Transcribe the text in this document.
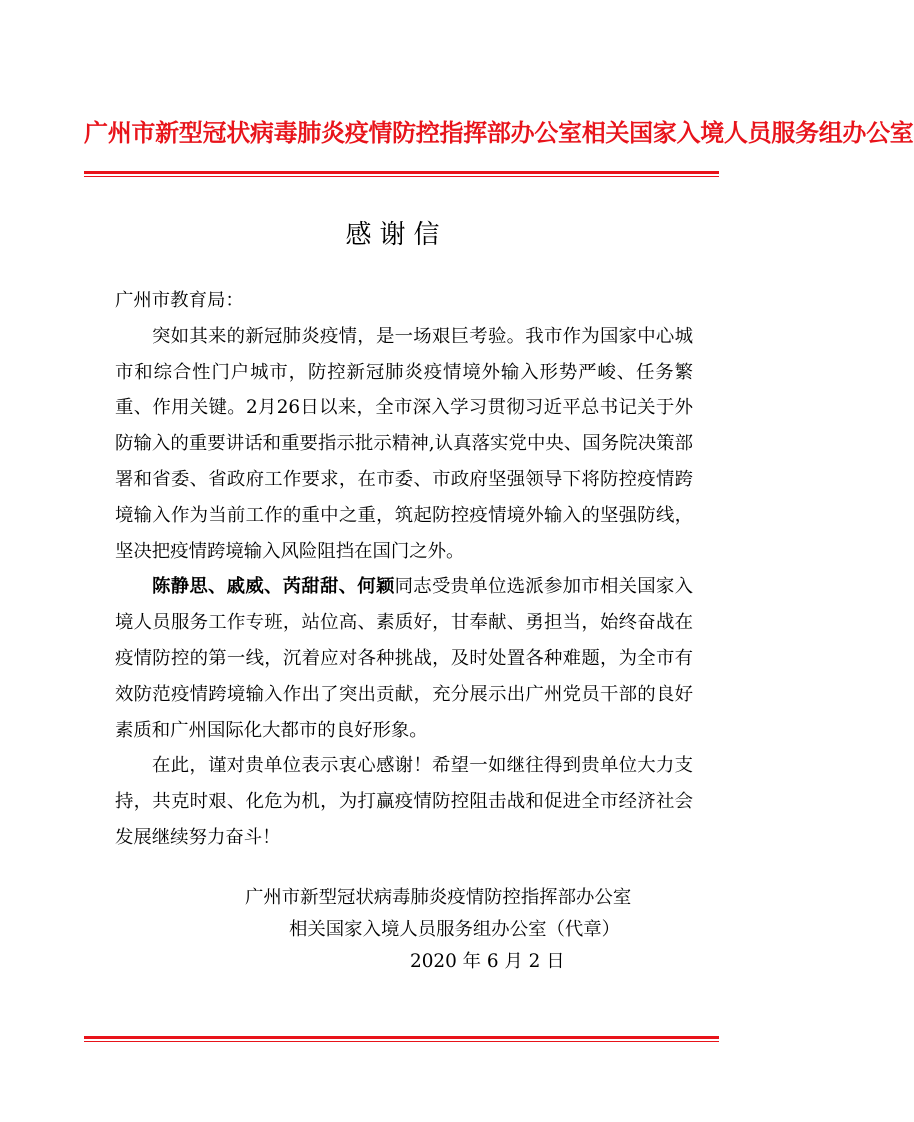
广州市新型冠状病毒肺炎疫情防控指挥部办公室相关国家入境人员服务组办公室
感谢信

广州市教育局：

突如其来的新冠肺炎疫情，是一场艰巨考验。我市作为国家中心城市和综合性门户城市，防控新冠肺炎疫情境外输入形势严峻、任务繁重、作用关键。2月26日以来，全市深入学习贯彻习近平总书记关于外防输入的重要讲话和重要指示批示精神,认真落实党中央、国务院决策部署和省委、省政府工作要求，在市委、市政府坚强领导下将防控疫情跨境输入作为当前工作的重中之重，筑起防控疫情境外输入的坚强防线，坚决把疫情跨境输入风险阻挡在国门之外。

陈静思、戚威、芮甜甜、何颖同志受贵单位选派参加市相关国家入境人员服务工作专班，站位高、素质好，甘奉献、勇担当，始终奋战在疫情防控的第一线，沉着应对各种挑战，及时处置各种难题，为全市有效防范疫情跨境输入作出了突出贡献，充分展示出广州党员干部的良好素质和广州国际化大都市的良好形象。

在此，谨对贵单位表示衷心感谢！希望一如继往得到贵单位大力支持，共克时艰、化危为机，为打赢疫情防控阻击战和促进全市经济社会发展继续努力奋斗！

广州市新型冠状病毒肺炎疫情防控指挥部办公室
相关国家入境人员服务组办公室（代章）
2020 年 6 月 2 日
